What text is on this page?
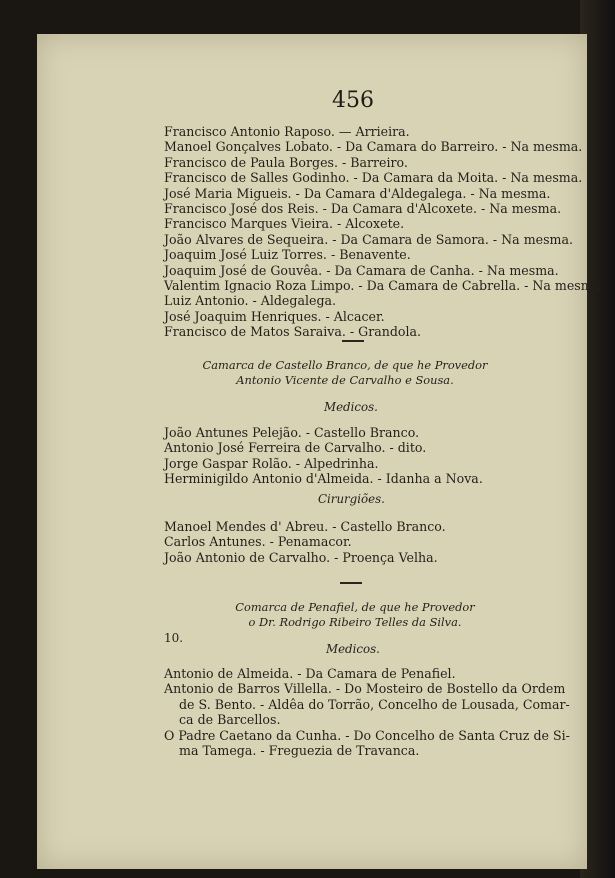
456
Francisco Antonio Raposo. — Arrieira.
Manoel Gonçalves Lobato. - Da Camara do Barreiro. - Na mesma.
Francisco de Paula Borges. - Barreiro.
Francisco de Salles Godinho. - Da Camara da Moita. - Na mesma.
José Maria Migueis. - Da Camara d'Aldegalega. - Na mesma.
Francisco José dos Reis. - Da Camara d'Alcoxete. - Na mesma.
Francisco Marques Vieira. - Alcoxete.
João Alvares de Sequeira. - Da Camara de Samora. - Na mesma.
Joaquim José Luiz Torres. - Benavente.
Joaquim José de Gouvêa. - Da Camara de Canha. - Na mesma.
Valentim Ignacio Roza Limpo. - Da Camara de Cabrella. - Na mesma.
Luiz Antonio. - Aldegalega.
José Joaquim Henriques. - Alcacer.
Francisco de Matos Saraiva. - Grandola.
Camarca de Castello Branco, de que he Provedor
Antonio Vicente de Carvalho e Sousa.
Medicos.
João Antunes Pelejão. - Castello Branco.
Antonio José Ferreira de Carvalho. - dito.
Jorge Gaspar Rolão. - Alpedrinha.
Herminigildo Antonio d'Almeida. - Idanha a Nova.
Cirurgiões.
Manoel Mendes d' Abreu. - Castello Branco.
Carlos Antunes. - Penamacor.
João Antonio de Carvalho. - Proença Velha.
Comarca de Penafiel, de que he Provedor
o Dr. Rodrigo Ribeiro Telles da Silva.
10.
Medicos.
Antonio de Almeida. - Da Camara de Penafiel.
Antonio de Barros Villella. - Do Mosteiro de Bostello da Ordem
de S. Bento. - Aldêa do Torrão, Concelho de Lousada, Comar-
ca de Barcellos.
O Padre Caetano da Cunha. - Do Concelho de Santa Cruz de Si-
ma Tamega. - Freguezia de Travanca.
